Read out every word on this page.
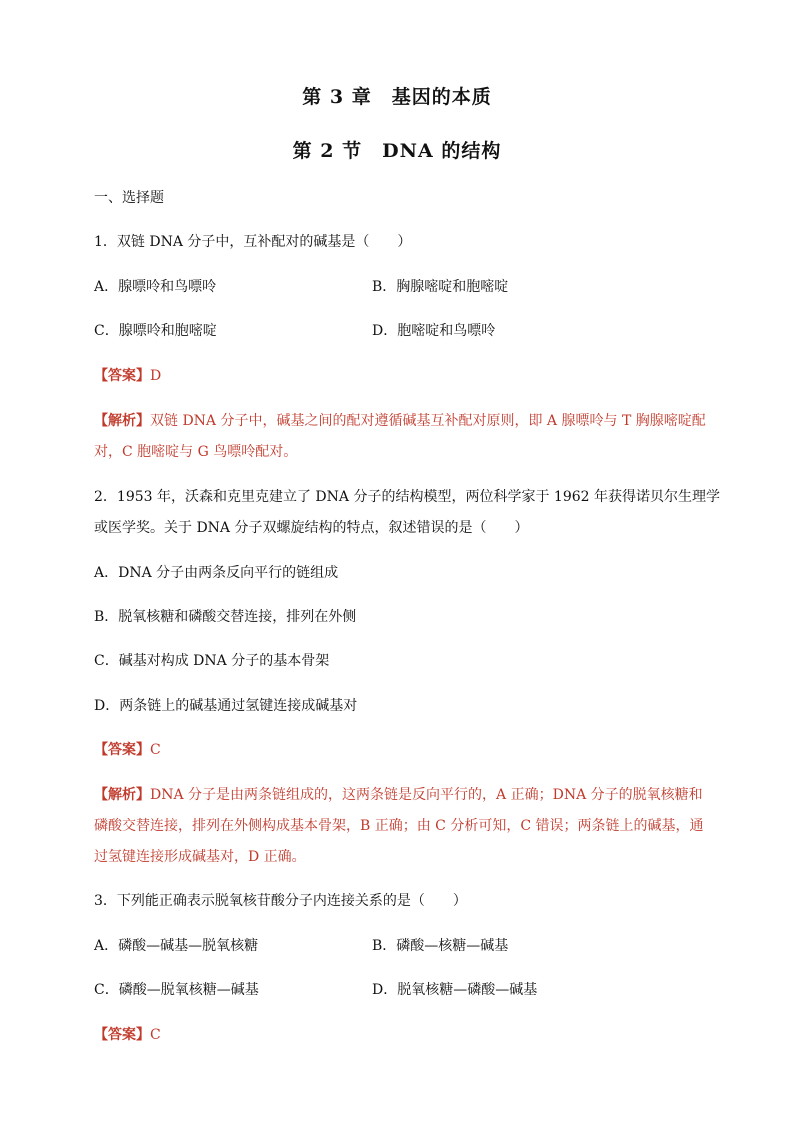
第 3 章　基因的本质
第 2 节　DNA 的结构
一、选择题
1．双链 DNA 分子中，互补配对的碱基是（　　）
A．腺嘌呤和鸟嘌呤	B．胸腺嘧啶和胞嘧啶
C．腺嘌呤和胞嘧啶	D．胞嘧啶和鸟嘌呤
【答案】D
【解析】双链 DNA 分子中，碱基之间的配对遵循碱基互补配对原则，即 A 腺嘌呤与 T 胸腺嘧啶配
对，C 胞嘧啶与 G 鸟嘌呤配对。
2．1953 年，沃森和克里克建立了 DNA 分子的结构模型，两位科学家于 1962 年获得诺贝尔生理学
或医学奖。关于 DNA 分子双螺旋结构的特点，叙述错误的是（　　）
A．DNA 分子由两条反向平行的链组成
B．脱氧核糖和磷酸交替连接，排列在外侧
C．碱基对构成 DNA 分子的基本骨架
D．两条链上的碱基通过氢键连接成碱基对
【答案】C
【解析】DNA 分子是由两条链组成的，这两条链是反向平行的，A 正确；DNA 分子的脱氧核糖和
磷酸交替连接，排列在外侧构成基本骨架，B 正确；由 C 分析可知，C 错误；两条链上的碱基，通
过氢键连接形成碱基对，D 正确。
3．下列能正确表示脱氧核苷酸分子内连接关系的是（　　）
A．磷酸—碱基—脱氧核糖	B．磷酸—核糖—碱基
C．磷酸—脱氧核糖—碱基	D．脱氧核糖—磷酸—碱基
【答案】C
